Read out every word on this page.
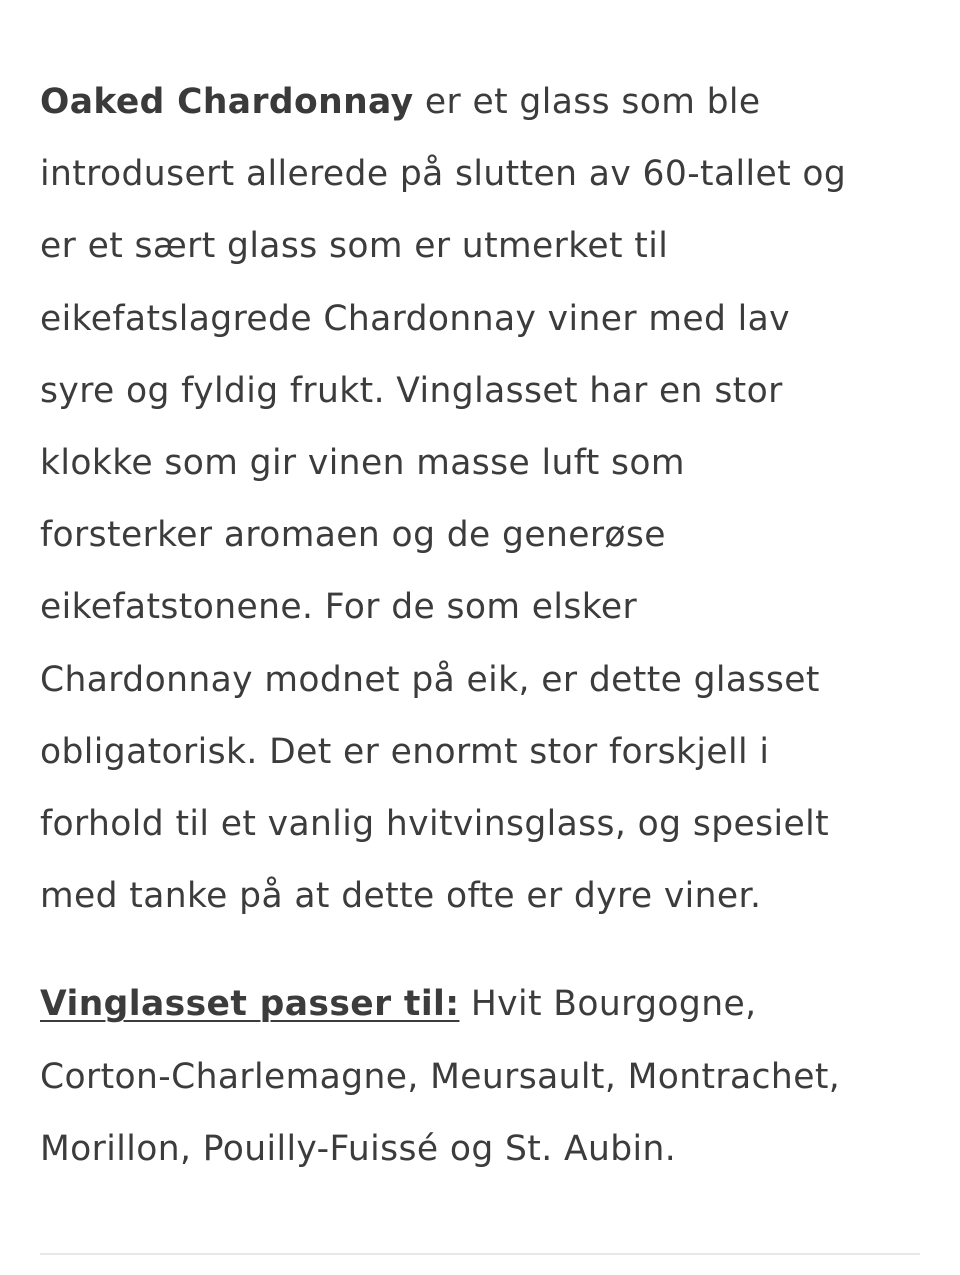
Oaked Chardonnay er et glass som ble
introdusert allerede på slutten av 60-tallet og
er et sært glass som er utmerket til
eikefatslagrede Chardonnay viner med lav
syre og fyldig frukt. Vinglasset har en stor
klokke som gir vinen masse luft som
forsterker aromaen og de generøse
eikefatstonene. For de som elsker
Chardonnay modnet på eik, er dette glasset
obligatorisk. Det er enormt stor forskjell i
forhold til et vanlig hvitvinsglass, og spesielt
med tanke på at dette ofte er dyre viner.

Vinglasset passer til: Hvit Bourgogne,
Corton-Charlemagne, Meursault, Montrachet,
Morillon, Pouilly-Fuissé og St. Aubin.
